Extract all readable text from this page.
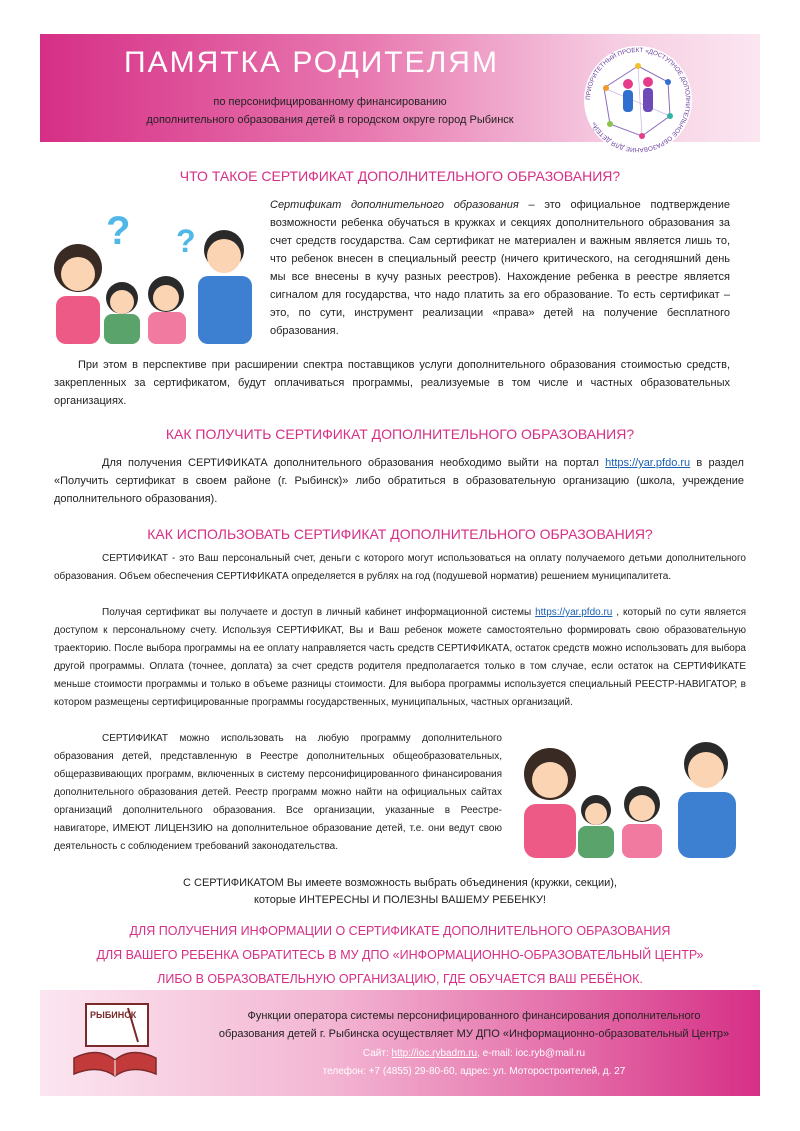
ПАМЯТКА РОДИТЕЛЯМ
по персонифицированному финансированию
дополнительного образования детей в городском округе город Рыбинск
ПРИОРИТЕТНЫЙ ПРОЕКТ «ДОСТУПНОЕ ДОПОЛНИТЕЛЬНОЕ ОБРАЗОВАНИЕ ДЛЯ ДЕТЕЙ»
ЧТО ТАКОЕ СЕРТИФИКАТ ДОПОЛНИТЕЛЬНОГО ОБРАЗОВАНИЯ?
? ?
Сертификат дополнительного образования – это официальное подтверждение возможности ребенка обучаться в кружках и секциях дополнительного образования за счет средств государства. Сам сертификат не материален и важным является лишь то, что ребенок внесен в специальный реестр (ничего критического, на сегодняшний день мы все внесены в кучу разных реестров). Нахождение ребенка в реестре является сигналом для государства, что надо платить за его образование. То есть сертификат – это, по сути, инструмент реализации «права» детей на получение бесплатного образования.
При этом в перспективе при расширении спектра поставщиков услуги дополнительного образования стоимостью средств, закрепленных за сертификатом, будут оплачиваться программы, реализуемые в том числе и частных образовательных организациях.
КАК ПОЛУЧИТЬ СЕРТИФИКАТ ДОПОЛНИТЕЛЬНОГО ОБРАЗОВАНИЯ?
Для получения СЕРТИФИКАТА дополнительного образования необходимо выйти на портал https://yar.pfdo.ru в раздел «Получить сертификат в своем районе (г. Рыбинск)» либо обратиться в образовательную организацию (школа, учреждение дополнительного образования).
КАК ИСПОЛЬЗОВАТЬ СЕРТИФИКАТ ДОПОЛНИТЕЛЬНОГО ОБРАЗОВАНИЯ?
СЕРТИФИКАТ - это Ваш персональный счет, деньги с которого могут использоваться на оплату получаемого детьми дополнительного образования. Объем обеспечения СЕРТИФИКАТА определяется в рублях на год (подушевой норматив) решением муниципалитета.
Получая сертификат вы получаете и доступ в личный кабинет информационной системы https://yar.pfdo.ru , который по сути является доступом к персональному счету. Используя СЕРТИФИКАТ, Вы и Ваш ребенок можете самостоятельно формировать свою образовательную траекторию. После выбора программы на ее оплату направляется часть средств СЕРТИФИКАТА, остаток средств можно использовать для выбора другой программы. Оплата (точнее, доплата) за счет средств родителя предполагается только в том случае, если остаток на СЕРТИФИКАТЕ меньше стоимости программы и только в объеме разницы стоимости. Для выбора программы используется специальный РЕЕСТР-НАВИГАТОР, в котором размещены сертифицированные программы государственных, муниципальных, частных организаций.
СЕРТИФИКАТ можно использовать на любую программу дополнительного образования детей, представленную в Реестре дополнительных общеобразовательных, общеразвивающих программ, включенных в систему персонифицированного финансирования дополнительного образования детей. Реестр программ можно найти на официальных сайтах организаций дополнительного образования. Все организации, указанные в Реестре-навигаторе, ИМЕЮТ ЛИЦЕНЗИЮ на дополнительное образование детей, т.е. они ведут свою деятельность с соблюдением требований законодательства.
С СЕРТИФИКАТОМ Вы имеете возможность выбрать объединения (кружки, секции),
которые ИНТЕРЕСНЫ И ПОЛЕЗНЫ ВАШЕМУ РЕБЕНКУ!
ДЛЯ ПОЛУЧЕНИЯ ИНФОРМАЦИИ О СЕРТИФИКАТЕ ДОПОЛНИТЕЛЬНОГО ОБРАЗОВАНИЯ
ДЛЯ ВАШЕГО РЕБЕНКА ОБРАТИТЕСЬ В МУ ДПО «ИНФОРМАЦИОННО-ОБРАЗОВАТЕЛЬНЫЙ ЦЕНТР»
ЛИБО В ОБРАЗОВАТЕЛЬНУЮ ОРГАНИЗАЦИЮ, ГДЕ ОБУЧАЕТСЯ ВАШ РЕБЁНОК.
РЫБИНСК	Функции оператора системы персонифицированного финансирования дополнительного
образования детей г. Рыбинска осуществляет МУ ДПО «Информационно-образовательный Центр»
Сайт: http://ioc.rybadm.ru, e-mail: ioc.ryb@mail.ru
телефон: +7 (4855) 29-80-60, адрес: ул. Моторостроителей, д. 27
